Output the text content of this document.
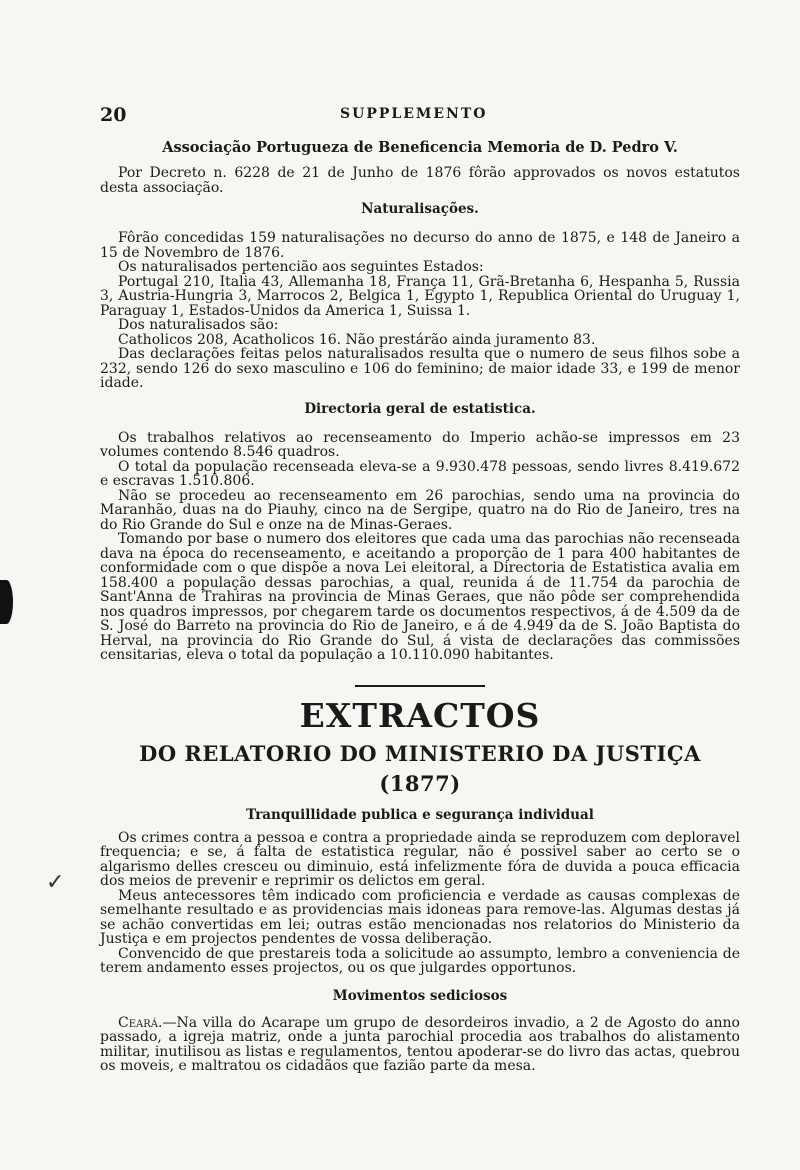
✓
20	SUPPLEMENTO
Associação Portugueza de Beneficencia Memoria de D. Pedro V.

Por Decreto n. 6228 de 21 de Junho de 1876 fôrão approvados os novos estatutos desta associação.

Naturalisações.

Fôrão concedidas 159 naturalisações no decurso do anno de 1875, e 148 de Janeiro a 15 de Novembro de 1876.

Os naturalisados pertencião aos seguintes Estados:

Portugal 210, Italia 43, Allemanha 18, França 11, Grã-Bretanha 6, Hespanha 5, Russia 3, Austria-Hungria 3, Marrocos 2, Belgica 1, Egypto 1, Republica Oriental do Uruguay 1, Paraguay 1, Estados-Unidos da America 1, Suissa 1.

Dos naturalisados são:

Catholicos 208, Acatholicos 16. Não prestárão ainda juramento 83.

Das declarações feitas pelos naturalisados resulta que o numero de seus filhos sobe a 232, sendo 126 do sexo masculino e 106 do feminino; de maior idade 33, e 199 de menor idade.

Directoria geral de estatistica.

Os trabalhos relativos ao recenseamento do Imperio achão-se impressos em 23 volumes contendo 8.546 quadros.

O total da população recenseada eleva-se a 9.930.478 pessoas, sendo livres 8.419.672 e escravas 1.510.806.

Não se procedeu ao recenseamento em 26 parochias, sendo uma na provincia do Maranhão, duas na do Piauhy, cinco na de Sergipe, quatro na do Rio de Janeiro, tres na do Rio Grande do Sul e onze na de Minas-Geraes.

Tomando por base o numero dos eleitores que cada uma das parochias não recenseada dava na época do recenseamento, e aceitando a proporção de 1 para 400 habitantes de conformidade com o que dispõe a nova Lei eleitoral, a Directoria de Estatistica avalia em 158.400 a população dessas parochias, a qual, reunida á de 11.754 da parochia de Sant'Anna de Trahiras na provincia de Minas Geraes, que não pôde ser comprehendida nos quadros impressos, por chegarem tarde os documentos respectivos, á de 4.509 da de S. José do Barreto na provincia do Rio de Janeiro, e á de 4.949 da de S. João Baptista do Herval, na provincia do Rio Grande do Sul, á vista de declarações das commissões censitarias, eleva o total da população a 10.110.090 habitantes.

EXTRACTOS
DO RELATORIO DO MINISTERIO DA JUSTIÇA (1877)
Tranquillidade publica e segurança individual

Os crimes contra a pessoa e contra a propriedade ainda se reproduzem com deploravel frequencia; e se, á falta de estatistica regular, não é possivel saber ao certo se o algarismo delles cresceu ou diminuio, está infelizmente fóra de duvida a pouca efficacia dos meios de prevenir e reprimir os delictos em geral.

Meus antecessores têm indicado com proficiencia e verdade as causas complexas de semelhante resultado e as providencias mais idoneas para remove-las. Algumas destas já se achão convertidas em lei; outras estão mencionadas nos relatorios do Ministerio da Justiça e em projectos pendentes de vossa deliberação.

Convencido de que prestareis toda a solicitude ao assumpto, lembro a conveniencia de terem andamento esses projectos, ou os que julgardes opportunos.

Movimentos sediciosos

Ceará.—Na villa do Acarape um grupo de desordeiros invadio, a 2 de Agosto do anno passado, a igreja matriz, onde a junta parochial procedia aos trabalhos do alistamento militar, inutilisou as listas e regulamentos, tentou apoderar-se do livro das actas, quebrou os moveis, e maltratou os cidadãos que fazião parte da mesa.
